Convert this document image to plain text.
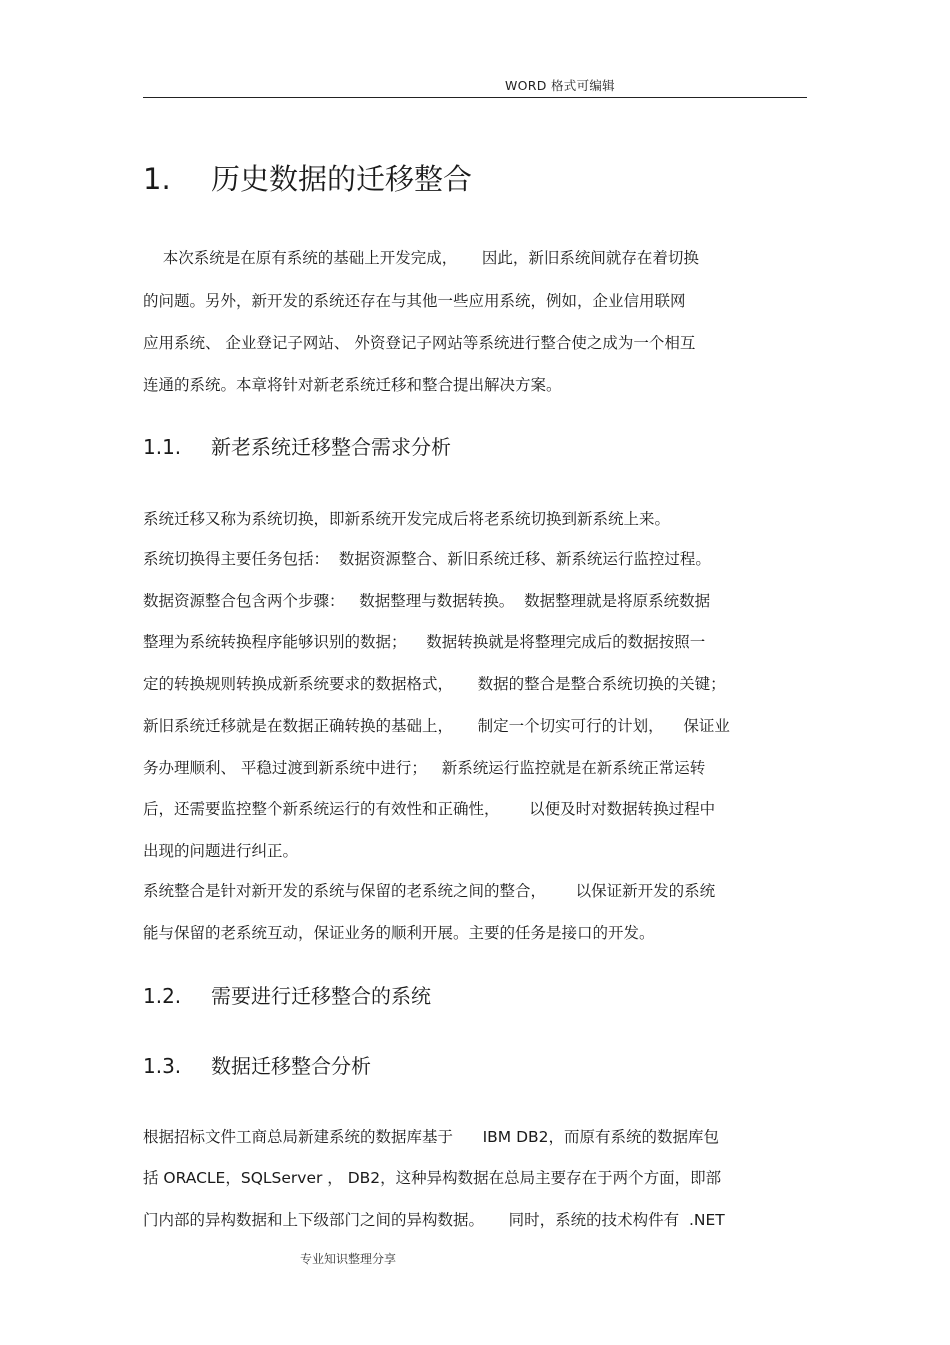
WORD 格式可编辑
1. 历史数据的迁移整合
本次系统是在原有系统的基础上开发完成，     因此，新旧系统间就存在着切换
的问题。另外，新开发的系统还存在与其他一些应用系统，例如，企业信用联网
应用系统、 企业登记子网站、 外资登记子网站等系统进行整合使之成为一个相互
连通的系统。本章将针对新老系统迁移和整合提出解决方案。
1.1. 新老系统迁移整合需求分析
系统迁移又称为系统切换，即新系统开发完成后将老系统切换到新系统上来。
系统切换得主要任务包括：  数据资源整合、新旧系统迁移、新系统运行监控过程。
数据资源整合包含两个步骤：   数据整理与数据转换。  数据整理就是将原系统数据
整理为系统转换程序能够识别的数据；    数据转换就是将整理完成后的数据按照一
定的转换规则转换成新系统要求的数据格式，     数据的整合是整合系统切换的关键；
新旧系统迁移就是在数据正确转换的基础上，     制定一个切实可行的计划，    保证业
务办理顺利、 平稳过渡到新系统中进行；   新系统运行监控就是在新系统正常运转
后，还需要监控整个新系统运行的有效性和正确性，      以便及时对数据转换过程中
出现的问题进行纠正。
系统整合是针对新开发的系统与保留的老系统之间的整合，      以保证新开发的系统
能与保留的老系统互动，保证业务的顺利开展。主要的任务是接口的开发。
1.2. 需要进行迁移整合的系统
1.3. 数据迁移整合分析
根据招标文件工商总局新建系统的数据库基于      IBM DB2，而原有系统的数据库包
括 ORACLE，SQLServer ， DB2，这种异构数据在总局主要存在于两个方面，即部
门内部的异构数据和上下级部门之间的异构数据。     同时，系统的技术构件有  .NET
专业知识整理分享
